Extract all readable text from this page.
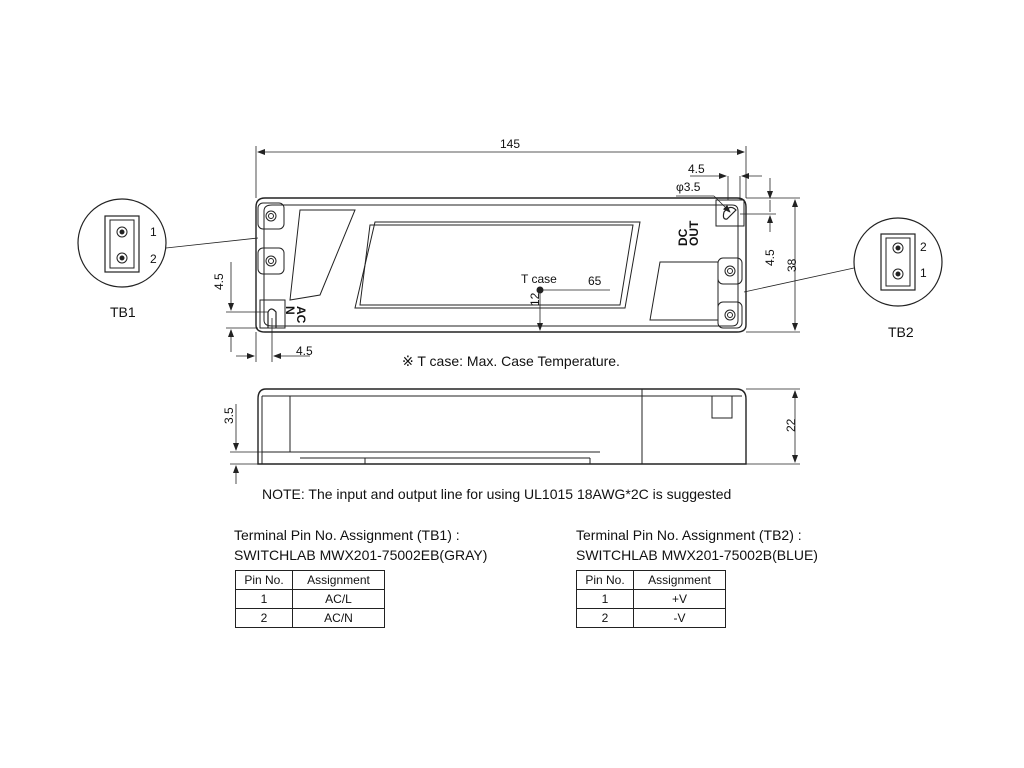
145
4.5
φ3.5
4.5 38
4.5
4.5
65
12
T case
22
3.5
AC
N
DC
OUT
1
2
TB1
2
1
TB2
※ T case: Max. Case Temperature.
NOTE: The input and output line for using UL1015 18AWG*2C is suggested
Terminal Pin No. Assignment (TB1) :
SWITCHLAB MWX201-75002EB(GRAY)
Pin No.	Assignment
1	AC/L
2	AC/N
Terminal Pin No. Assignment (TB2) :
SWITCHLAB MWX201-75002B(BLUE)
Pin No.	Assignment
1	+V
2	-V
